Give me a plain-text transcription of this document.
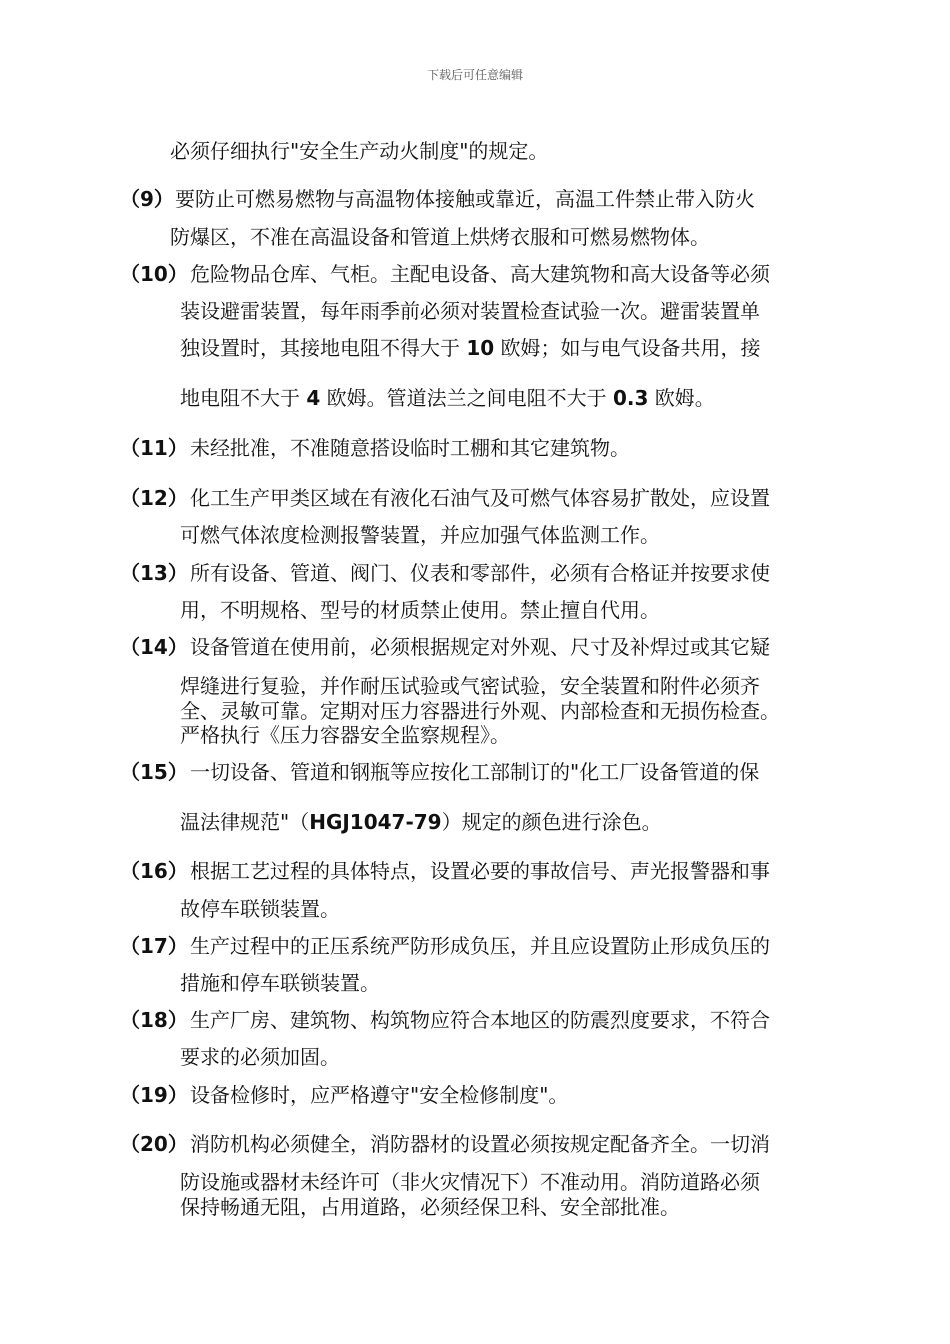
下载后可任意编辑
必须仔细执行"安全生产动火制度"的规定。
（9） 要防止可燃易燃物与高温物体接触或靠近，高温工件禁止带入防火
防爆区，不准在高温设备和管道上烘烤衣服和可燃易燃物体。
（10） 危险物品仓库、气柜。主配电设备、高大建筑物和高大设备等必须
装设避雷装置，每年雨季前必须对装置检查试验一次。避雷装置单
独设置时，其接地电阻不得大于 10 欧姆；如与电气设备共用，接
地电阻不大于 4 欧姆。管道法兰之间电阻不大于 0.3 欧姆。
（11） 未经批准，不准随意搭设临时工棚和其它建筑物。
（12） 化工生产甲类区域在有液化石油气及可燃气体容易扩散处，应设置
可燃气体浓度检测报警装置，并应加强气体监测工作。
（13） 所有设备、管道、阀门、仪表和零部件，必须有合格证并按要求使
用，不明规格、型号的材质禁止使用。禁止擅自代用。
（14） 设备管道在使用前，必须根据规定对外观、尺寸及补焊过或其它疑
焊缝进行复验，并作耐压试验或气密试验，安全装置和附件必须齐
全、灵敏可靠。定期对压力容器进行外观、内部检查和无损伤检查。
严格执行《压力容器安全监察规程》。
（15） 一切设备、管道和钢瓶等应按化工部制订的"化工厂设备管道的保
温法律规范"（HGJ1047-79）规定的颜色进行涂色。
（16） 根据工艺过程的具体特点，设置必要的事故信号、声光报警器和事
故停车联锁装置。
（17） 生产过程中的正压系统严防形成负压，并且应设置防止形成负压的
措施和停车联锁装置。
（18） 生产厂房、建筑物、构筑物应符合本地区的防震烈度要求，不符合
要求的必须加固。
（19） 设备检修时，应严格遵守"安全检修制度"。
（20） 消防机构必须健全，消防器材的设置必须按规定配备齐全。一切消
防设施或器材未经许可（非火灾情况下）不准动用。消防道路必须
保持畅通无阻，占用道路，必须经保卫科、安全部批准。
